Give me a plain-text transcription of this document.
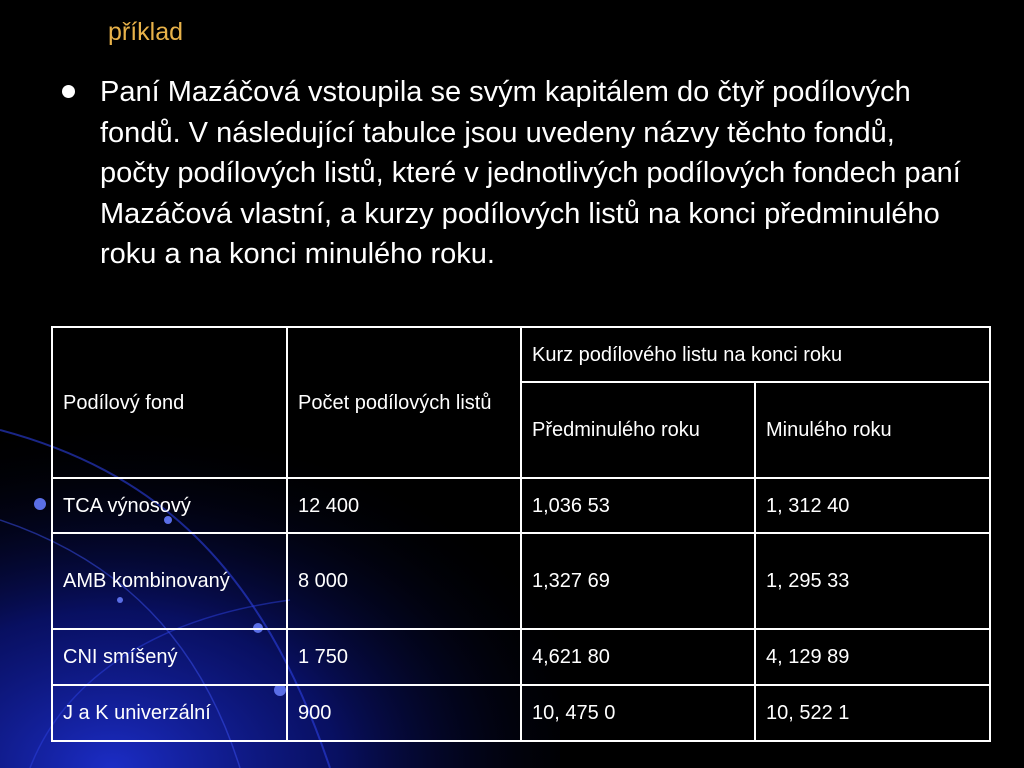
příklad

Paní Mazáčová vstoupila se svým kapitálem do čtyř podílových fondů. V následující tabulce jsou uvedeny názvy těchto fondů, počty podílových listů, které v jednotlivých podílových fondech paní Mazáčová vlastní, a kurzy podílových listů na konci předminulého roku a na konci minulého roku.

Podílový fond	Počet podílových listů	Kurz podílového listu na konci roku	
		Předminulého roku	Minulého roku
TCA výnosový	12 400	1,036 53	1, 312 40
AMB kombinovaný	8 000	1,327 69	1, 295 33
CNI smíšený	1 750	4,621 80	4, 129 89
J a K univerzální	900	10, 475 0	10, 522 1
